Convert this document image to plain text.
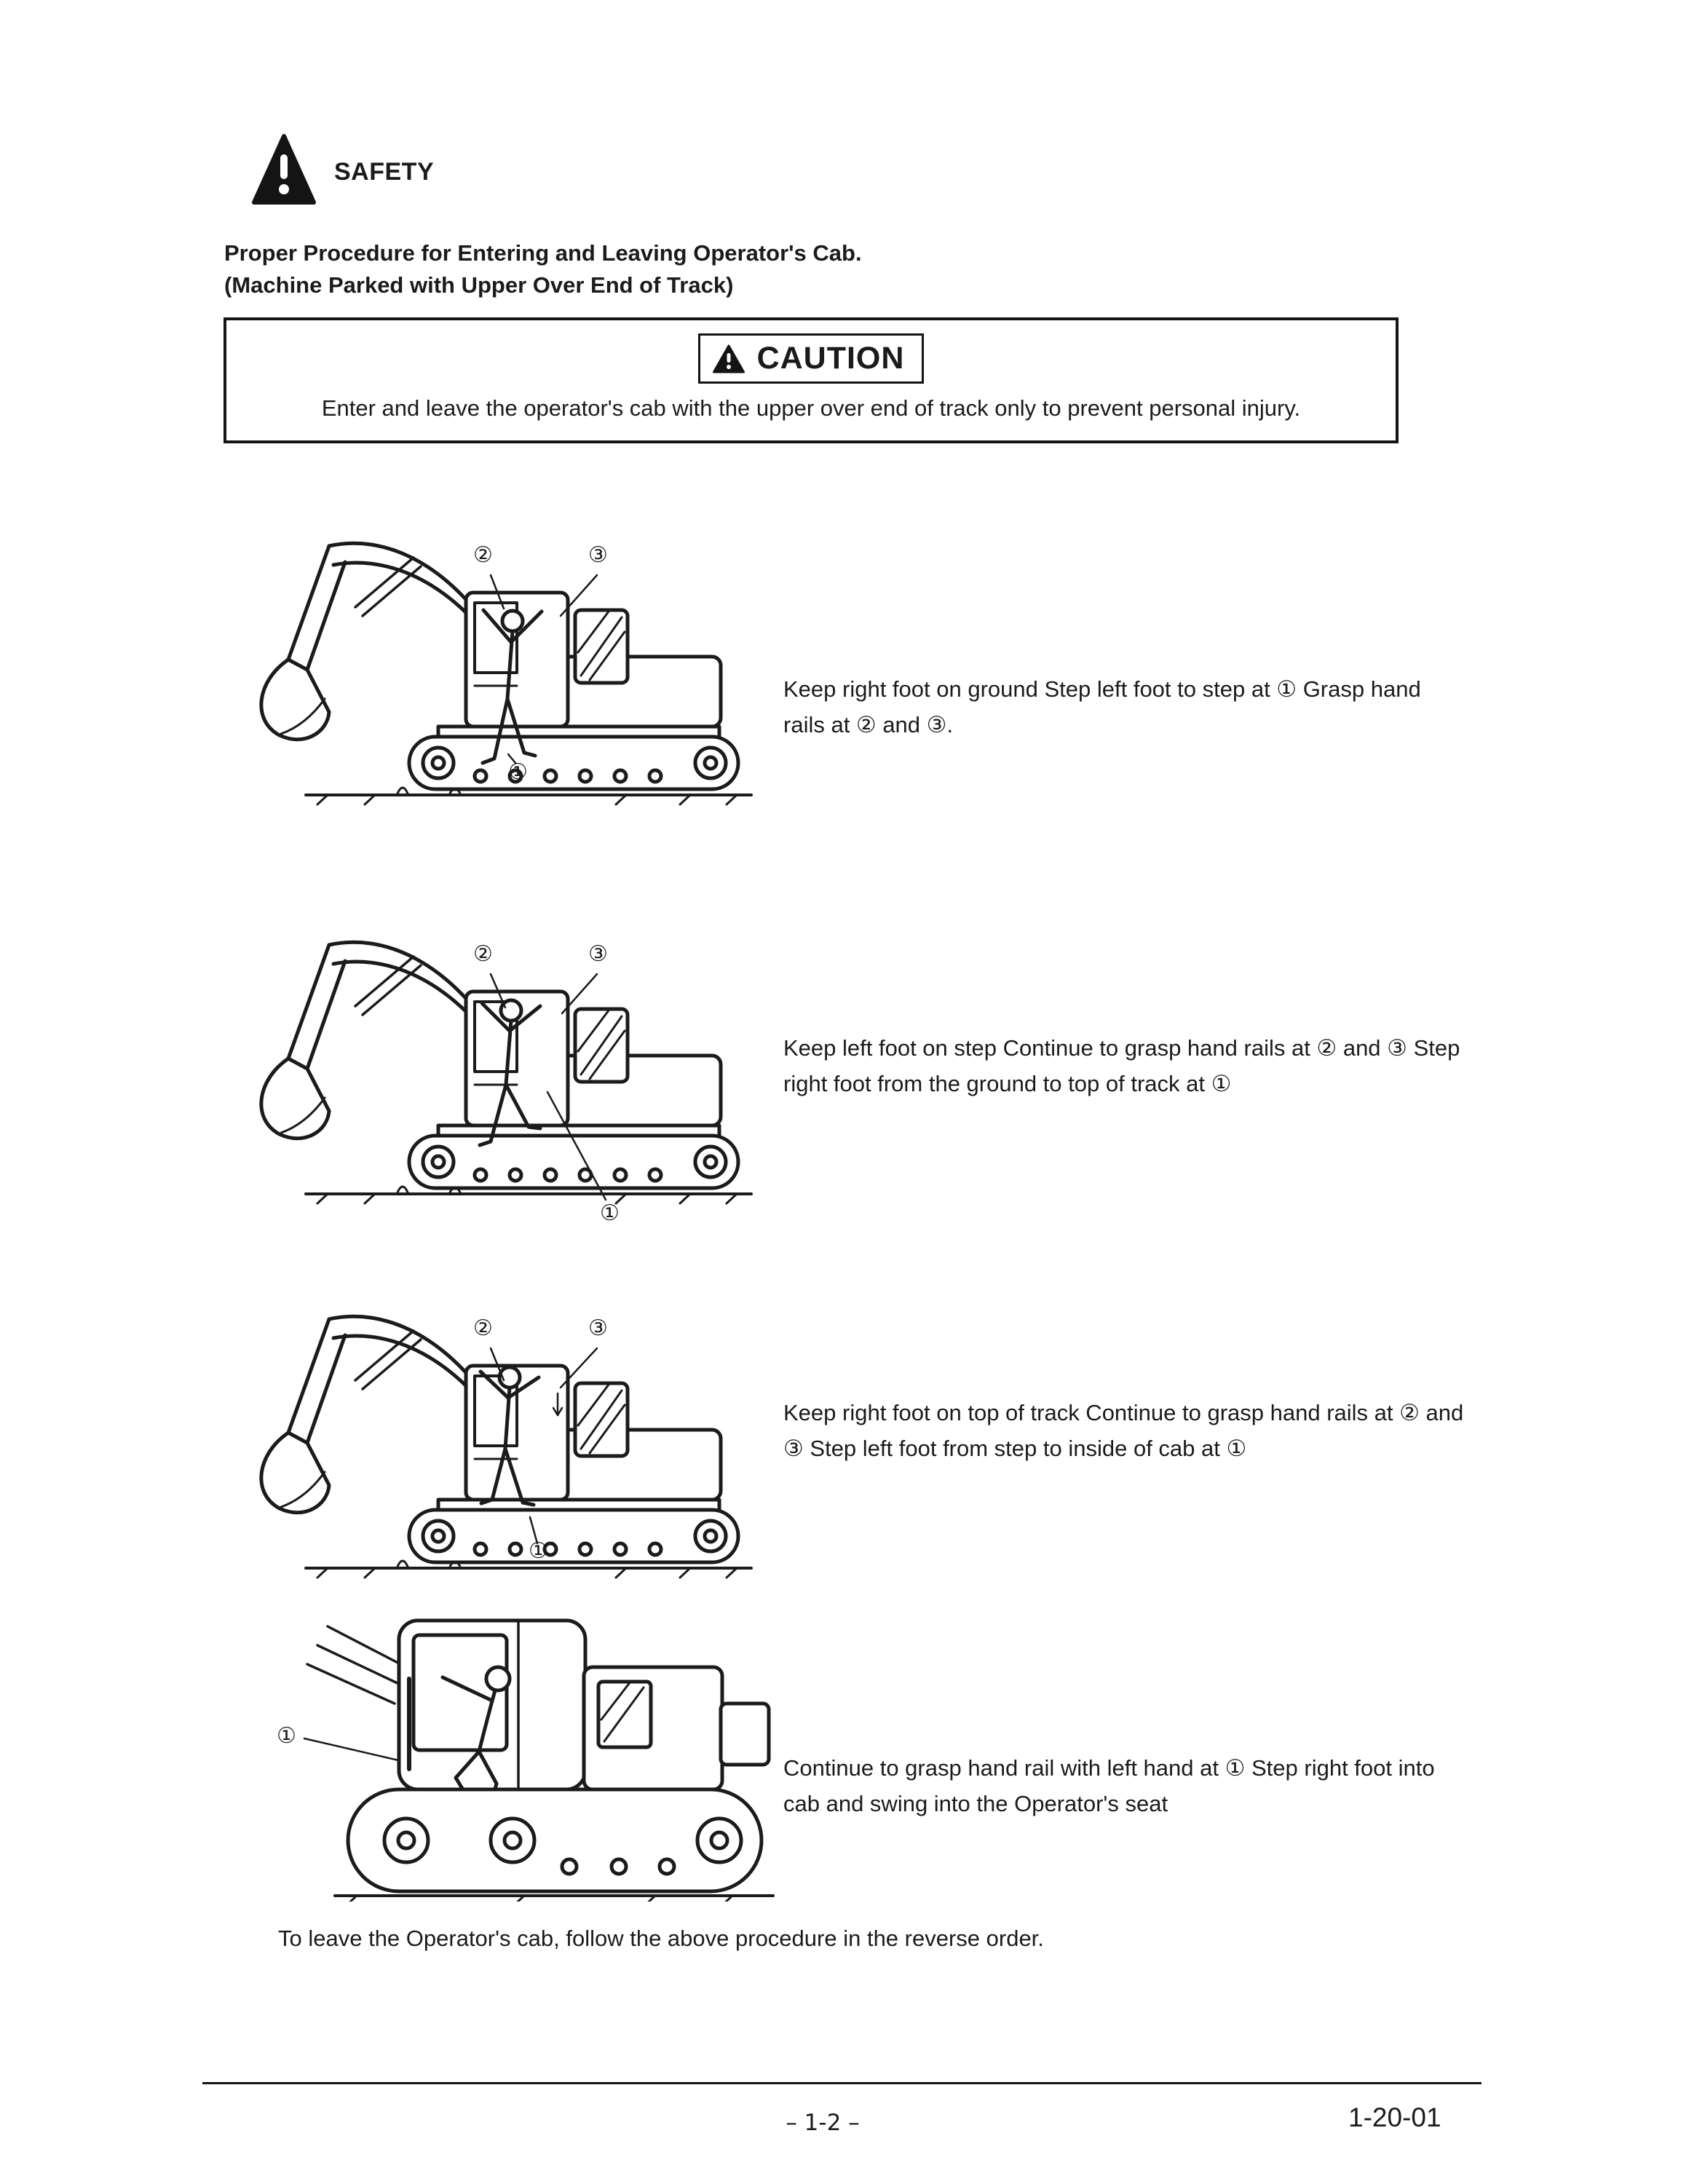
SAFETY
Proper Procedure for Entering and Leaving Operator's Cab.
(Machine Parked with Upper Over End of Track)
CAUTION
Enter and leave the operator's cab with the upper over end of track only to prevent personal injury.
②	③
①
Keep right foot on ground Step left foot to step at ① Grasp hand rails at ② and ③.
②	③
①
Keep left foot on step Continue to grasp hand rails at ② and ③ Step right foot from the ground to top of track at ①
②	③
①
Keep right foot on top of track Continue to grasp hand rails at ② and ③ Step left foot from step to inside of cab at ①
①
Continue to grasp hand rail with left hand at ① Step right foot into cab and swing into the Operator's seat
To leave the Operator's cab, follow the above procedure in the reverse order.
– 1-2 –	1-20-01
